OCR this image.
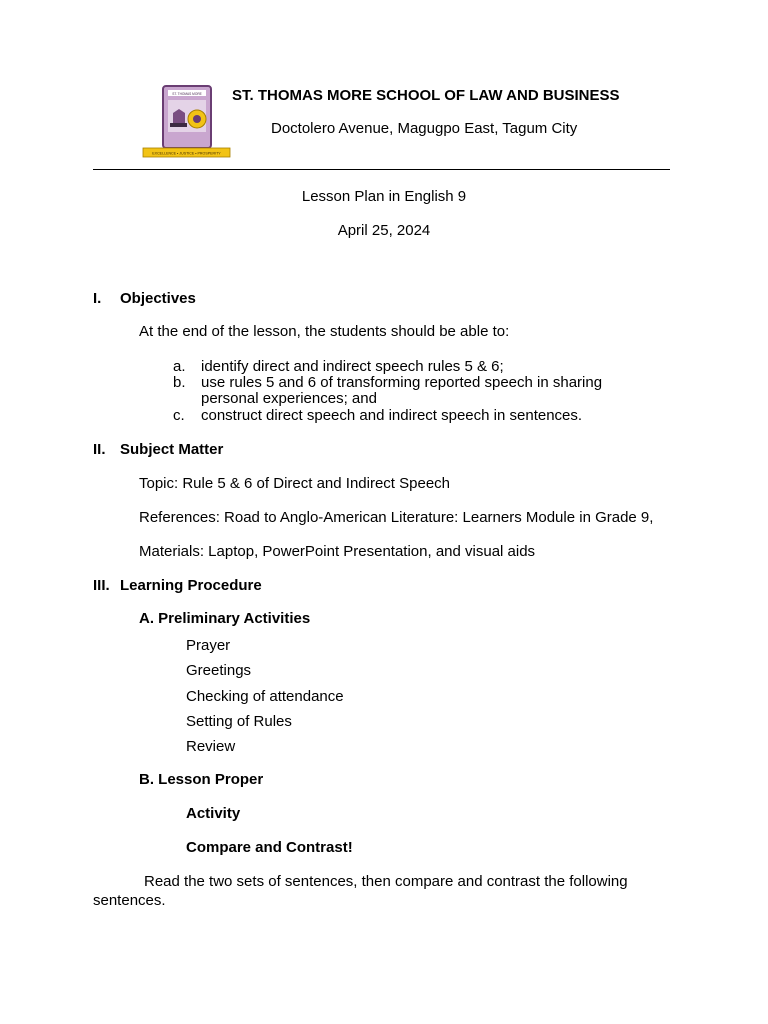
ST. THOMAS MORE
EXCELLENCE • JUSTICE • PROSPERITY
ST. THOMAS MORE SCHOOL OF LAW AND BUSINESS
Doctolero Avenue, Magugpo East, Tagum City
Lesson Plan in English 9
April 25, 2024
I. Objectives
At the end of the lesson, the students should be able to:
a. identify direct and indirect speech rules 5 & 6;
b. use rules 5 and 6 of transforming reported speech in sharing
personal experiences; and
c. construct direct speech and indirect speech in sentences.
II. Subject Matter
Topic: Rule 5 & 6 of Direct and Indirect Speech
References: Road to Anglo-American Literature: Learners Module in Grade 9,
Materials: Laptop, PowerPoint Presentation, and visual aids
III. Learning Procedure
A. Preliminary Activities
Prayer
Greetings
Checking of attendance
Setting of Rules
Review
B. Lesson Proper
Activity
Compare and Contrast!
Read the two sets of sentences, then compare and contrast the following
sentences.
